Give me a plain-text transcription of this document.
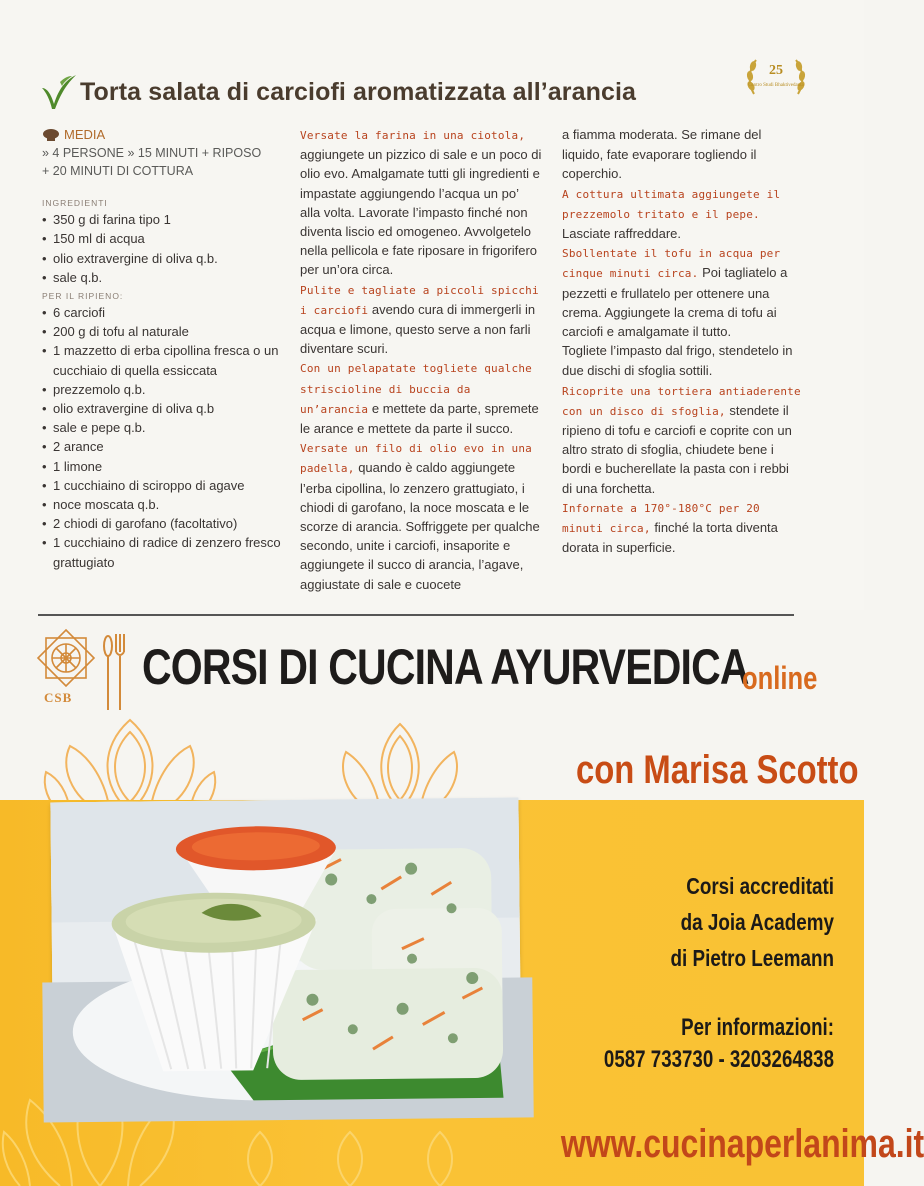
Torta salata di carciofi aromatizzata all’arancia
25
Centro Studi Bhaktivedanta
MEDIA
» 4 PERSONE » 15 MINUTI + RIPOSO
+ 20 MINUTI DI COTTURA
INGREDIENTI
• 350 g di farina tipo 1
• 150 ml di acqua
• olio extravergine di oliva q.b.
• sale q.b.
PER IL RIPIENO:
• 6 carciofi
• 200 g di tofu al naturale
• 1 mazzetto di erba cipollina fresca o un cucchiaio di quella essiccata
• prezzemolo q.b.
• olio extravergine di oliva q.b
• sale e pepe q.b.
• 2 arance
• 1 limone
• 1 cucchiaino di sciroppo di agave
• noce moscata q.b.
• 2 chiodi di garofano (facoltativo)
• 1 cucchiaino di radice di zenzero fresco grattugiato

Versate la farina in una ciotola, aggiungete un pizzico di sale e un poco di olio evo. Amalgamate tutti gli ingredienti e impastate aggiungendo l’acqua un po’ alla volta. Lavorate l’impasto finché non diventa liscio ed omogeneo. Avvolgetelo nella pellicola e fate riposare in frigorifero per un’ora circa.

Pulite e tagliate a piccoli spicchi i carciofi avendo cura di immergerli in acqua e limone, questo serve a non farli diventare scuri.

Con un pelapatate togliete qualche striscioline di buccia da un’arancia e mettete da parte, spremete le arance e mettete da parte il succo.

Versate un filo di olio evo in una padella, quando è caldo aggiungete l’erba cipollina, lo zenzero grattugiato, i chiodi di garofano, la noce moscata e le scorze di arancia. Soffriggete per qualche secondo, unite i carciofi, insaporite e aggiungete il succo di arancia, l’agave, aggiustate di sale e cuocete

a fiamma moderata. Se rimane del liquido, fate evaporare togliendo il coperchio.

A cottura ultimata aggiungete il prezzemolo tritato e il pepe. Lasciate raffreddare.

Sbollentate il tofu in acqua per cinque minuti circa. Poi tagliatelo a pezzetti e frullatelo per ottenere una crema. Aggiungete la crema di tofu ai carciofi e amalgamate il tutto.

Togliete l’impasto dal frigo, stendetelo in due dischi di sfoglia sottili.

Ricoprite una tortiera antiaderente con un disco di sfoglia, stendete il ripieno di tofu e carciofi e coprite con un altro strato di sfoglia, chiudete bene i bordi e bucherellate la pasta con i rebbi di una forchetta.

Infornate a 170°-180°C per 20 minuti circa, finché la torta diventa dorata in superficie.

CSB
CORSI DI CUCINA AYURVEDICA
online
con Marisa Scotto
Corsi accreditati
da Joia Academy
di Pietro Leemann
Per informazioni:
0587 733730 - 3203264838
www.cucinaperlanima.it
